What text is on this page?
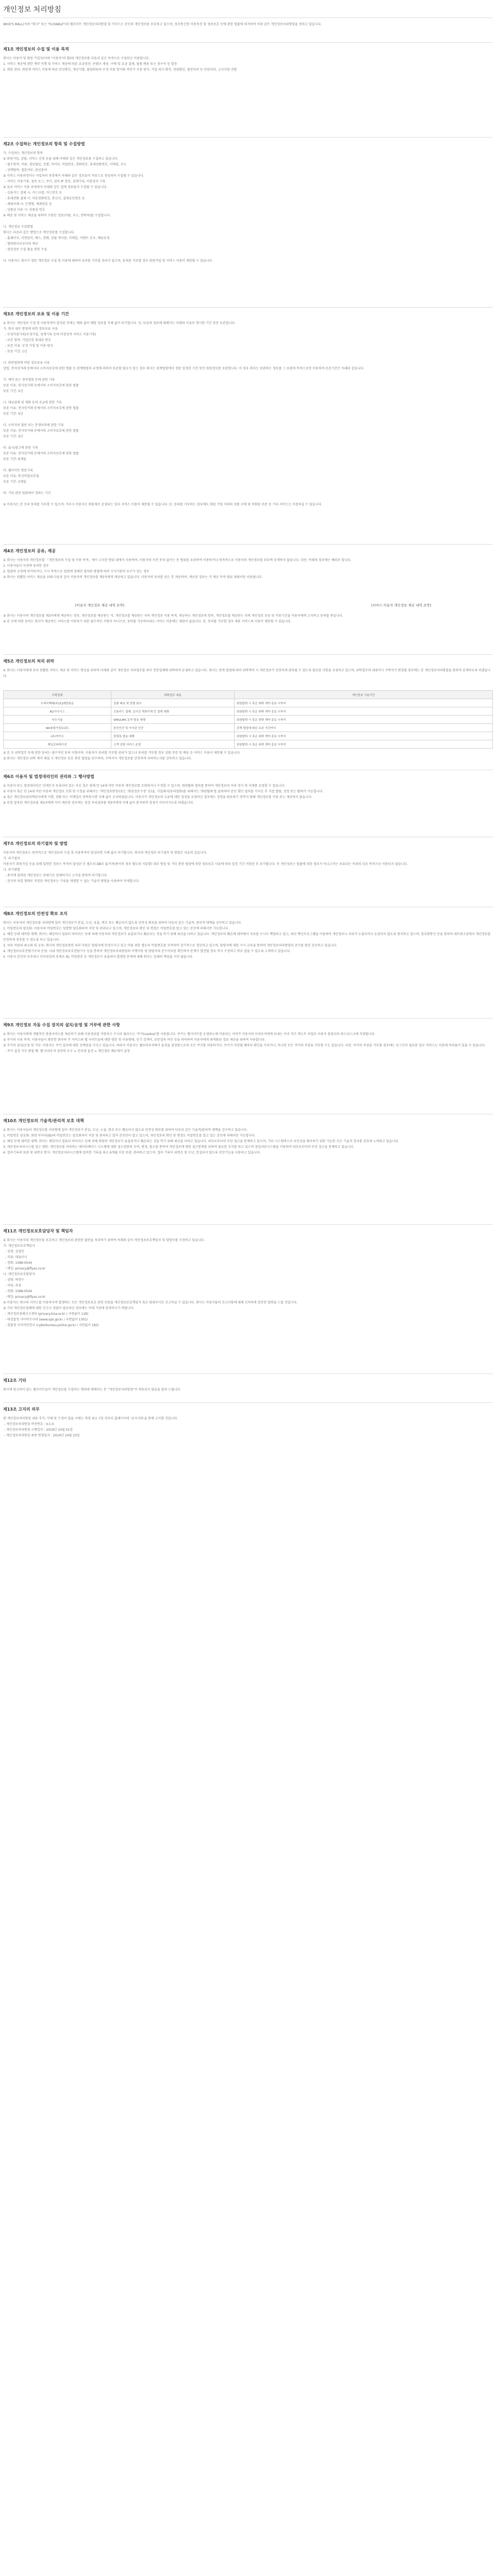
개인정보 처리방침
WHO'S MALL(이하 "회사" 또는 "FLIYABLE")의 웹사이트 개인정보처리방침 및 가이드는 본인의 개인정보를 보호하고 있으며, 정보통신망 이용촉진 및 정보보호 등에 관한 법률에 의거하여 이와 같은 개인정보처리방침을 정하고 있습니다.
제1조 개인정보의 수집 및 이용 목적
회사는 이용자 및 회원 가입자(이하 "이용자"라 함)의 개인정보를 다음과 같은 목적으로 수집하고 이용합니다.
1. 서비스 제공에 관한 계약 이행 및 서비스 제공에 따른 요금정산: 콘텐츠 제공, 구매 및 요금 결제, 물품 배송 또는 청구서 등 발송
2. 회원 관리: 회원제 서비스 이용에 따른 본인확인, 개인식별, 불량회원의 부정 이용 방지와 비인가 사용 방지, 가입 의사 확인, 연령확인, 불만처리 등 민원처리, 고지사항 전달
제2조 수집하는 개인정보의 항목 및 수집방법
가. 수집하는 개인정보의 항목
① 회원가입, 상담, 서비스 신청 등을 위해 아래와 같은 개인정보를 수집하고 있습니다.
- 필수항목: 이름, 생년월일, 성별, 아이디, 비밀번호, 전화번호, 휴대전화번호, 이메일, 주소
- 선택항목: 결혼여부, 관심분야
② 서비스 이용과정이나 사업처리 과정에서 아래와 같은 정보들이 자동으로 생성되어 수집될 수 있습니다.
- 서비스 이용기록, 접속 로그, 쿠키, 접속 IP 정보, 결제기록, 이용정지 기록
③ 유료 서비스 이용 과정에서 아래와 같은 결제 정보들이 수집될 수 있습니다.
- 신용카드 결제 시: 카드사명, 카드번호 등
- 휴대전화 결제 시: 이동전화번호, 통신사, 결제승인번호 등
- 계좌이체 시: 은행명, 계좌번호 등
- 상품권 이용 시: 상품권 번호
④ 배송 및 서비스 제공을 위하여 수령인 정보(이름, 주소, 연락처)를 수집합니다.

나. 개인정보 수집방법
회사는 다음과 같은 방법으로 개인정보를 수집합니다.
- 홈페이지, 서면양식, 팩스, 전화, 상담 게시판, 이메일, 이벤트 응모, 배송요청
- 협력회사로부터의 제공
- 생성정보 수집 툴을 통한 수집

다. 이용자는 회사가 정한 개인정보 수집 및 이용에 대하여 동의를 거부할 권리가 있으며, 동의를 거부할 경우 회원가입 및 서비스 이용이 제한될 수 있습니다.
제3조 개인정보의 보유 및 이용 기간
① 회사는 개인정보 수집 및 이용목적이 달성된 후에는 예외 없이 해당 정보를 지체 없이 파기합니다. 단, 다음의 정보에 대해서는 아래의 이유로 명시한 기간 동안 보존합니다.
가. 회사 내부 방침에 의한 정보보유 사유
- 부정이용기록(부정가입, 징계기록 등의 비정상적 서비스 이용기록)
- 보존 항목: 가입인증 휴대폰 번호
- 보존 이유: 부정 가입 및 이용 방지
- 보존 기간: 1년

나. 관련법령에 의한 정보보유 사유
상법, 전자상거래 등에서의 소비자보호에 관한 법률 등 관계법령의 규정에 의하여 보존할 필요가 있는 경우 회사는 관계법령에서 정한 일정한 기간 동안 회원정보를 보관합니다. 이 경우 회사는 보관하는 정보를 그 보관의 목적으로만 이용하며 보존기간은 아래와 같습니다.

가. 계약 또는 청약철회 등에 관한 기록
보존 이유: 전자상거래 등에서의 소비자보호에 관한 법률
보존 기간: 5년

나. 대금결제 및 재화 등의 공급에 관한 기록
보존 이유: 전자상거래 등에서의 소비자보호에 관한 법률
보존 기간: 5년

다. 소비자의 불만 또는 분쟁처리에 관한 기록
보존 이유: 전자상거래 등에서의 소비자보호에 관한 법률
보존 기간: 3년

라. 표시/광고에 관한 기록
보존 이유: 전자상거래 등에서의 소비자보호에 관한 법률
보존 기간: 6개월

마. 웹사이트 방문기록
보존 이유: 통신비밀보호법
보존 기간: 3개월

바. 기타 관련 법령에서 정하는 기간

② 이용자는 본 조의 동의를 거부할 수 있으며, 거부시 이용자는 회원제로 운영되는 일부 서비스 이용이 제한될 수 있습니다. 단, 동의를 거부하는 경우에도 회원 가입 이외의 상품 구매 및 비회원 주문 등 기타 서비스는 이용하실 수 있습니다.
제4조 개인정보의 공유, 제공
① 회사는 이용자의 개인정보를 「개인정보의 수집 및 이용 목적」에서 고지한 범위 내에서 사용하며, 이용자의 사전 동의 없이는 동 범위를 초과하여 이용하거나 원칙적으로 이용자의 개인정보를 외부에 공개하지 않습니다. 다만, 아래의 경우에는 예외로 합니다.
1. 이용자들이 사전에 동의한 경우
2. 법령의 규정에 의거하거나, 수사 목적으로 법령에 정해진 절차와 방법에 따라 수사기관의 요구가 있는 경우
② 회사는 원활한 서비스 제공을 위해 다음과 같이 이용자의 개인정보를 제3자에게 제공하고 있습니다. 이용자의 동의를 얻은 후 제공하며, 제공된 정보는 각 제공 목적 범위 내에서만 이용됩니다.
[이용자 개인정보 제공 내역 요약]	[서비스 이용자 개인정보 제공 내역 요약]
③ 회사는 이용자의 개인정보를 제3자에게 제공하는 경우, 개인정보를 제공받는 자, 개인정보를 제공받는 자의 개인정보 이용 목적, 제공하는 개인정보의 항목, 개인정보를 제공받는 자의 개인정보 보유 및 이용기간을 이용자에게 고지하고 동의를 받습니다.
④ 본 조에 의한 동의는 회사가 제공하는 서비스를 이용하기 위한 필수적인 사항이 아니므로, 동의를 거부하더라도 서비스 이용에는 제한이 없습니다. 단, 동의를 거부할 경우 제휴 서비스의 이용이 제한될 수 있습니다.
제5조 개인정보의 처리 위탁
① 회사는 이용자에게 보다 원활한 서비스 제공 및 서비스 향상을 위하여 아래와 같이 개인정보 처리업무를 외부 전문업체에 위탁하여 운영하고 있습니다. 회사는 관계 법령에 따라 위탁계약 시 개인정보가 안전하게 관리될 수 있도록 필요한 사항을 규정하고 있으며, 위탁업무의 내용이나 수탁자가 변경될 경우에는 본 개인정보처리방침을 통하여 공개하도록 하겠습니다.
수탁업체	위탁업무 내용	개인정보 이용기간
우체국택배(주)/CJ대한통운	상품 배송 및 반품 회수	회원탈퇴 시 혹은 위탁 계약 종료 시까지
KG이니시스	신용카드 결제, 실시간 계좌이체 등 결제 대행	회원탈퇴 시 혹은 위탁 계약 종료 시까지
다우기술	SMS/LMS 문자 발송 대행	회원탈퇴 시 혹은 위탁 계약 종료 시까지
NICE평가정보(주)	본인인증 및 아이핀 인증	관계 법령에 따른 보존 기간까지
(주)카카오	알림톡 발송 대행	회원탈퇴 시 혹은 위탁 계약 종료 시까지
채널코퍼레이션	고객 상담 서비스 운영	회원탈퇴 시 혹은 위탁 계약 종료 시까지
② 본 조 위탁업무 등에 관한 동의는 필수적인 동의 사항이며, 이용자가 동의를 거부할 권리가 있으나 동의를 거부할 경우 상품 주문 및 배송 등 서비스 이용이 제한될 수 있습니다.
③ 회사는 개인정보 위탁 계약 체결 시 개인정보 보호 관련 법령을 준수하며, 수탁자가 개인정보를 안전하게 처리하는지를 감독하고 있습니다.
제6조 이용자 및 법정대리인의 권리와 그 행사방법
① 이용자 또는 법정대리인은 언제든지 등록되어 있는 자신 혹은 당해 만 14세 미만 아동의 개인정보를 조회하거나 수정할 수 있으며, 회원탈퇴 절차를 통하여 개인정보의 처리 정지 및 삭제를 요청할 수 있습니다.
② 이용자 혹은 만 14세 미만 아동의 개인정보 조회 및 수정을 위해서는 '개인정보변경'(또는 '회원정보수정' 등)을, 가입해지(동의철회)를 위해서는 '회원탈퇴'를 클릭하여 본인 확인 절차를 거치신 후 직접 열람, 정정 또는 탈퇴가 가능합니다.
③ 혹은 개인정보관리책임자에게 서면, 전화 또는 이메일로 연락하시면 지체 없이 조치하겠습니다. 이용자가 개인정보의 오류에 대한 정정을 요청하신 경우에는 정정을 완료하기 전까지 당해 개인정보를 이용 또는 제공하지 않습니다.
④ 또한 잘못된 개인정보를 제3자에게 이미 제공한 경우에는 정정 처리결과를 제3자에게 지체 없이 통지하여 정정이 이루어지도록 하겠습니다.
제7조 개인정보의 파기절차 및 방법
이용자의 개인정보는 원칙적으로 개인정보의 수집 및 이용목적이 달성되면 지체 없이 파기합니다. 회사의 개인정보 파기절차 및 방법은 다음과 같습니다.
가. 파기절차
이용자가 회원가입 등을 위해 입력한 정보는 목적이 달성된 후 별도의 DB로 옮겨져(종이의 경우 별도의 서류함) 내부 방침 및 기타 관련 법령에 의한 정보보호 사유에 따라 일정 기간 저장된 후 파기됩니다. 동 개인정보는 법률에 의한 경우가 아니고서는 보유되는 이외의 다른 목적으로 이용되지 않습니다.
나. 파기방법
- 종이에 출력된 개인정보는 분쇄기로 분쇄하거나 소각을 통하여 파기합니다.
- 전자적 파일 형태로 저장된 개인정보는 기록을 재생할 수 없는 기술적 방법을 사용하여 삭제합니다.
제8조 개인정보의 안전성 확보 조치
회사는 이용자의 개인정보를 처리함에 있어 개인정보가 분실, 도난, 유출, 변조 또는 훼손되지 않도록 안전성 확보를 위하여 다음과 같은 기술적, 관리적 대책을 강구하고 있습니다.
1. 비밀번호의 암호화: 이용자의 비밀번호는 일방향 암호화하여 저장 및 관리되고 있으며, 개인정보의 확인 및 변경은 비밀번호를 알고 있는 본인에 의해서만 가능합니다.
2. 해킹 등에 대비한 대책: 회사는 해킹이나 컴퓨터 바이러스 등에 의해 이용자의 개인정보가 유출되거나 훼손되는 것을 막기 위해 최선을 다하고 있습니다. 개인정보의 훼손에 대비해서 자료를 수시로 백업하고 있고, 최신 백신프로그램을 이용하여 개인정보나 자료가 누출되거나 손상되지 않도록 방지하고 있으며, 암호화통신 등을 통하여 네트워크상에서 개인정보를 안전하게 전송할 수 있도록 하고 있습니다.
3. 처리 직원의 최소화 및 교육: 회사의 개인정보관련 처리 직원은 담당자에 한정시키고 있고 이를 위한 별도의 비밀번호를 부여하여 정기적으로 갱신하고 있으며, 담당자에 대한 수시 교육을 통하여 개인정보처리방침의 준수를 항상 강조하고 있습니다.
4. 개인정보보호전담기구의 운영: 사내 개인정보보호전담기구 등을 통하여 개인정보처리방침의 이행사항 및 담당자의 준수여부를 확인하여 문제가 발견될 경우 즉시 수정하고 바로 잡을 수 있도록 노력하고 있습니다.
5. 이용자 본인의 부주의나 인터넷상의 문제로 ID, 비밀번호 등 개인정보가 유출되어 발생한 문제에 대해 회사는 일체의 책임을 지지 않습니다.
제9조 개인정보 자동 수집 장치의 설치/운영 및 거부에 관한 사항
① 회사는 이용자에게 개별적인 맞춤서비스를 제공하기 위해 이용정보를 저장하고 수시로 불러오는 '쿠키(cookie)'를 사용합니다. 쿠키는 웹사이트를 운영하는데 이용되는 서버가 이용자의 브라우저에게 보내는 아주 작은 텍스트 파일로 이용자 컴퓨터의 하드디스크에 저장됩니다.
② 쿠키의 사용 목적: 이용자들이 방문한 회사의 각 서비스와 웹 사이트들에 대한 방문 및 이용형태, 인기 검색어, 보안접속 여부 등을 파악하여 이용자에게 최적화된 정보 제공을 위하여 사용합니다.
③ 쿠키의 설치/운영 및 거부: 이용자는 쿠키 설치에 대한 선택권을 가지고 있습니다. 따라서 이용자는 웹브라우저에서 옵션을 설정함으로써 모든 쿠키를 허용하거나, 쿠키가 저장될 때마다 확인을 거치거나, 아니면 모든 쿠키의 저장을 거부할 수도 있습니다. 다만, 쿠키의 저장을 거부할 경우에는 로그인이 필요한 일부 서비스는 이용에 어려움이 있을 수 있습니다.
- 쿠키 설정 거부 방법 예: 웹 브라우저 상단의 도구 > 인터넷 옵션 > 개인정보 메뉴에서 설정
제10조 개인정보의 기술적/관리적 보호 대책
① 회사는 이용자들의 개인정보를 처리함에 있어 개인정보가 분실, 도난, 누출, 변조 또는 훼손되지 않도록 안전성 확보를 위하여 다음과 같은 기술적/관리적 대책을 강구하고 있습니다.
1. 비밀번호 암호화: 회원 아이디(ID)의 비밀번호는 암호화되어 저장 및 관리되고 있어 본인만이 알고 있으며, 개인정보의 확인 및 변경도 비밀번호를 알고 있는 본인에 의해서만 가능합니다.
2. 해킹 등에 대비한 대책: 회사는 해킹이나 컴퓨터 바이러스 등에 의해 회원의 개인정보가 유출되거나 훼손되는 것을 막기 위해 최선을 다하고 있습니다. 외부로부터의 무단 접근을 통제하고 있으며, 기타 시스템적으로 보안성을 확보하기 위한 가능한 모든 기술적 장치를 갖추려 노력하고 있습니다.
3. 개인정보처리시스템 접근 제한: 개인정보를 처리하는 데이터베이스 시스템에 대한 접근권한의 부여, 변경, 말소를 통하여 개인정보에 대한 접근통제를 위하여 필요한 조치를 하고 있으며 침입차단시스템을 이용하여 외부로부터의 무단 접근을 통제하고 있습니다.
4. 접속기록의 보관 및 위변조 방지: 개인정보처리시스템에 접속한 기록을 최소 6개월 이상 보관, 관리하고 있으며, 접속 기록이 위변조 및 도난, 분실되지 않도록 보안기능을 사용하고 있습니다.
제11조 개인정보보호담당자 및 책임자
① 회사는 이용자의 개인정보를 보호하고 개인정보와 관련한 불만을 처리하기 위하여 아래와 같이 개인정보보호책임자 및 담당자를 지정하고 있습니다.
가. 개인정보보호책임자
- 성명: 김영민
- 직위: 대표이사
- 전화: 1588-0544
- 메일: privacy@flyas.co.kr
나. 개인정보보호담당자
- 성명: 박현수
- 직위: 과장
- 전화: 1588-0544
- 메일: privacy@flyas.co.kr
② 이용자는 회사의 서비스를 이용하시며 발생하는 모든 개인정보보호 관련 민원을 개인정보보호책임자 혹은 담당부서로 신고하실 수 있습니다. 회사는 이용자들의 신고사항에 대해 신속하게 충분한 답변을 드릴 것입니다.
③ 기타 개인정보침해에 대한 신고나 상담이 필요하신 경우에는 아래 기관에 문의하시기 바랍니다.
- 개인정보침해신고센터 (privacy.kisa.or.kr / 국번없이 118)
- 대검찰청 사이버수사과 (www.spo.go.kr / 국번없이 1301)
- 경찰청 사이버안전국 (cyberbureau.police.go.kr / 국번없이 182)
제12조 기타
회사에 링크되어 있는 웹사이트들이 개인정보를 수집하는 행위에 대해서는 본 "개인정보처리방침"이 적용되지 않음을 알려 드립니다.
제13조 고지의 의무
현 개인정보처리방침 내용 추가, 삭제 및 수정이 있을 시에는 개정 최소 7일 전부터 홈페이지의 '공지사항'을 통해 고지할 것입니다.
- 개인정보처리방침 버전번호 : V.1.0
- 개인정보처리방침 시행일자 : 2019년 10월 01일
- 개인정보처리방침 최종 변경일자 : 2019년 10월 23일
